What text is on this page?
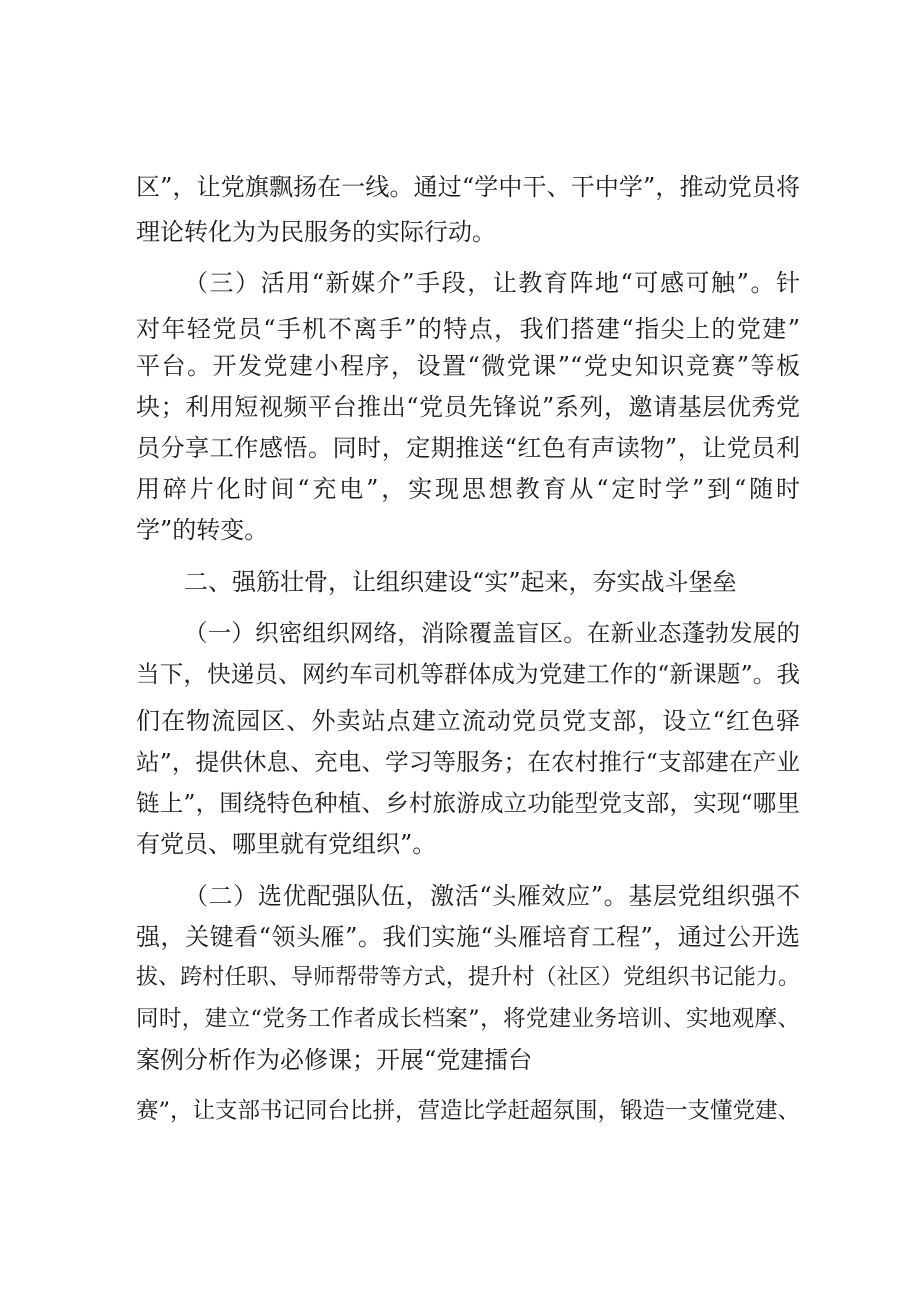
区”，让党旗飘扬在一线。通过“学中干、干中学”，推动党员将
理论转化为为民服务的实际行动。
（三）活用“新媒介”手段，让教育阵地“可感可触”。针
对年轻党员“手机不离手”的特点，我们搭建“指尖上的党建”
平台。开发党建小程序，设置“微党课”“党史知识竞赛”等板
块；利用短视频平台推出“党员先锋说”系列，邀请基层优秀党
员分享工作感悟。同时，定期推送“红色有声读物”，让党员利
用碎片化时间“充电”，实现思想教育从“定时学”到“随时
学”的转变。
二、强筋壮骨，让组织建设“实”起来，夯实战斗堡垒
（一）织密组织网络，消除覆盖盲区。在新业态蓬勃发展的
当下，快递员、网约车司机等群体成为党建工作的“新课题”。我
们在物流园区、外卖站点建立流动党员党支部，设立“红色驿
站”，提供休息、充电、学习等服务；在农村推行“支部建在产业
链上”，围绕特色种植、乡村旅游成立功能型党支部，实现“哪里
有党员、哪里就有党组织”。
（二）选优配强队伍，激活“头雁效应”。基层党组织强不
强，关键看“领头雁”。我们实施“头雁培育工程”，通过公开选
拔、跨村任职、导师帮带等方式，提升村（社区）党组织书记能力。
同时，建立“党务工作者成长档案”，将党建业务培训、实地观摩、
案例分析作为必修课；开展“党建擂台
赛”，让支部书记同台比拼，营造比学赶超氛围，锻造一支懂党建、
